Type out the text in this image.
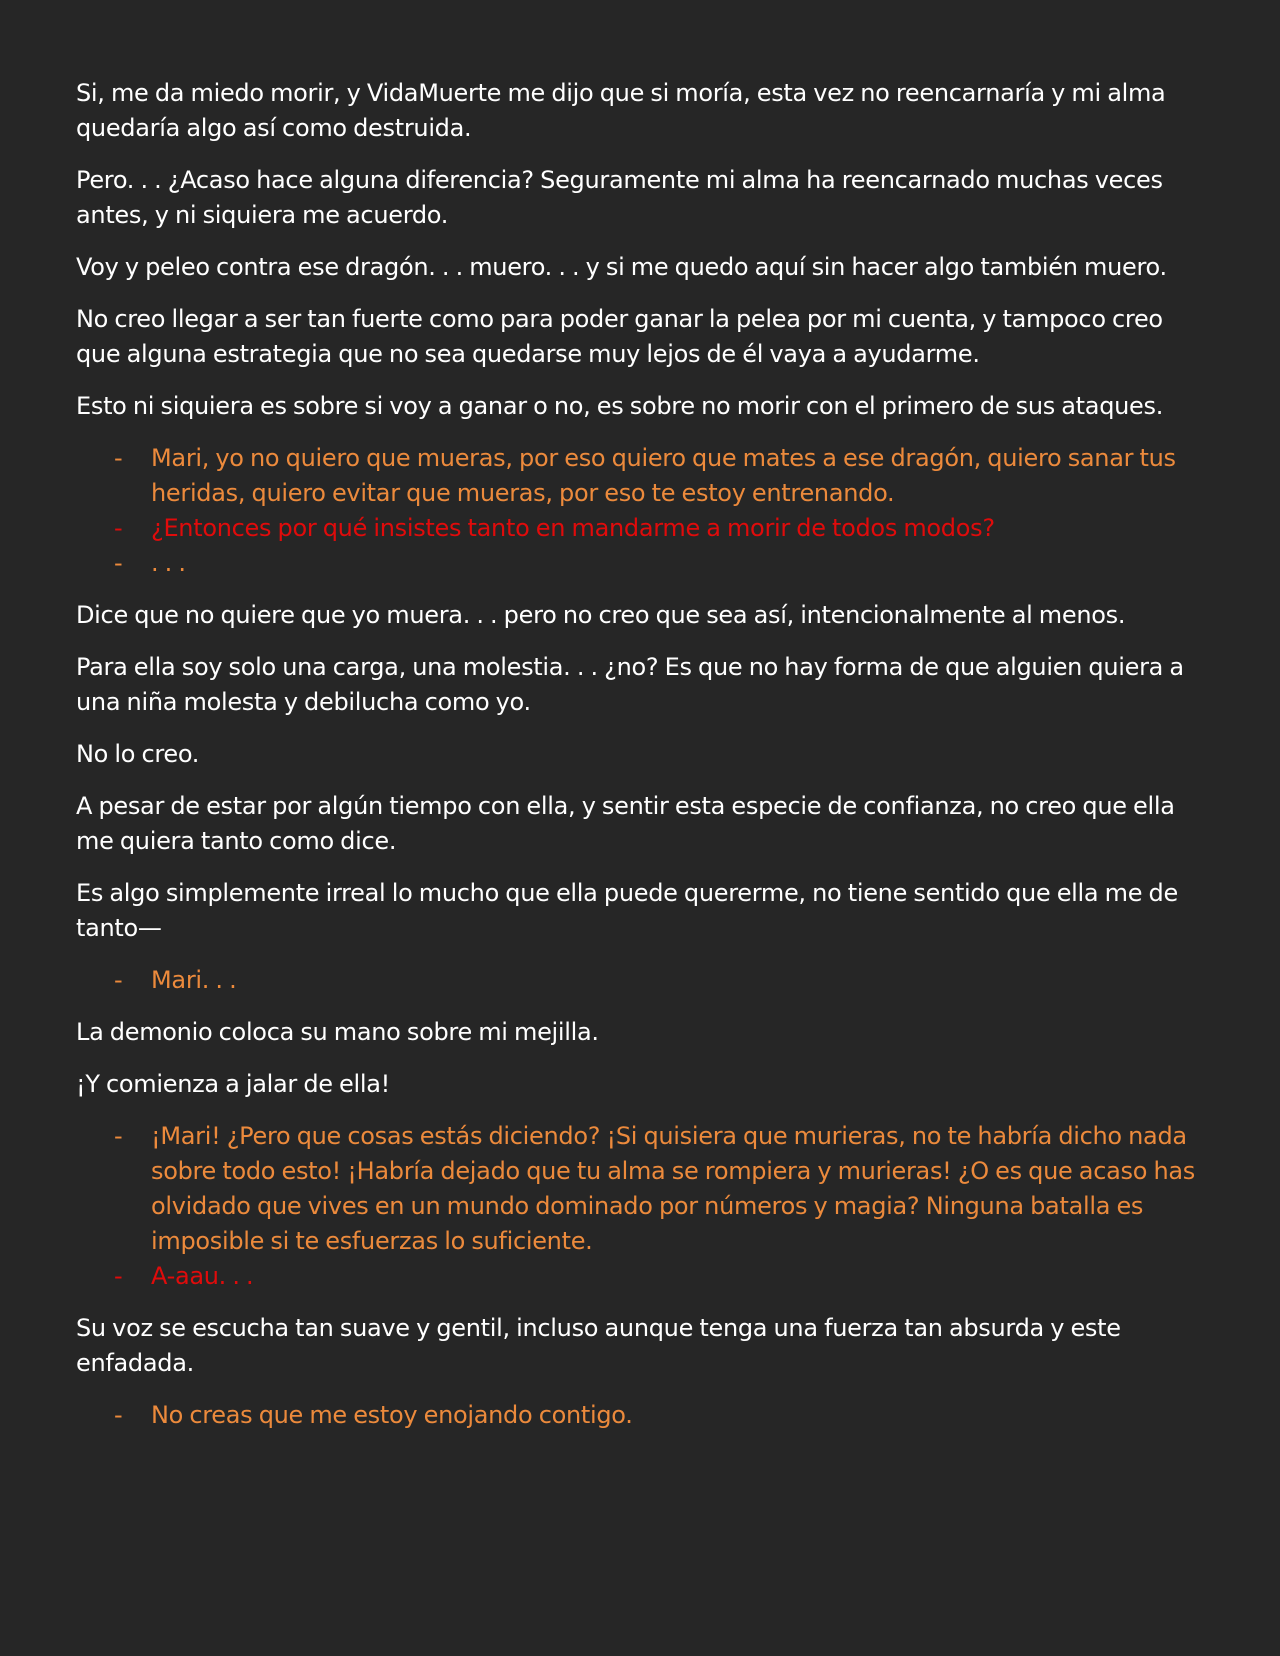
Si, me da miedo morir, y VidaMuerte me dijo que si moría, esta vez no reencarnaría y mi alma quedaría algo así como destruida.

Pero. . . ¿Acaso hace alguna diferencia? Seguramente mi alma ha reencarnado muchas veces antes, y ni siquiera me acuerdo.

Voy y peleo contra ese dragón. . . muero. . . y si me quedo aquí sin hacer algo también muero.

No creo llegar a ser tan fuerte como para poder ganar la pelea por mi cuenta, y tampoco creo que alguna estrategia que no sea quedarse muy lejos de él vaya a ayudarme.

Esto ni siquiera es sobre si voy a ganar o no, es sobre no morir con el primero de sus ataques.

- Mari, yo no quiero que mueras, por eso quiero que mates a ese dragón, quiero sanar tus heridas, quiero evitar que mueras, por eso te estoy entrenando.
- ¿Entonces por qué insistes tanto en mandarme a morir de todos modos?
- . . .

Dice que no quiere que yo muera. . . pero no creo que sea así, intencionalmente al menos.

Para ella soy solo una carga, una molestia. . . ¿no? Es que no hay forma de que alguien quiera a una niña molesta y debilucha como yo.

No lo creo.

A pesar de estar por algún tiempo con ella, y sentir esta especie de confianza, no creo que ella me quiera tanto como dice.

Es algo simplemente irreal lo mucho que ella puede quererme, no tiene sentido que ella me de tanto—

- Mari. . .

La demonio coloca su mano sobre mi mejilla.

¡Y comienza a jalar de ella!

- ¡Mari! ¿Pero que cosas estás diciendo? ¡Si quisiera que murieras, no te habría dicho nada sobre todo esto! ¡Habría dejado que tu alma se rompiera y murieras! ¿O es que acaso has olvidado que vives en un mundo dominado por números y magia? Ninguna batalla es imposible si te esfuerzas lo suficiente.
- A-aau. . .

Su voz se escucha tan suave y gentil, incluso aunque tenga una fuerza tan absurda y este enfadada.

- No creas que me estoy enojando contigo.
